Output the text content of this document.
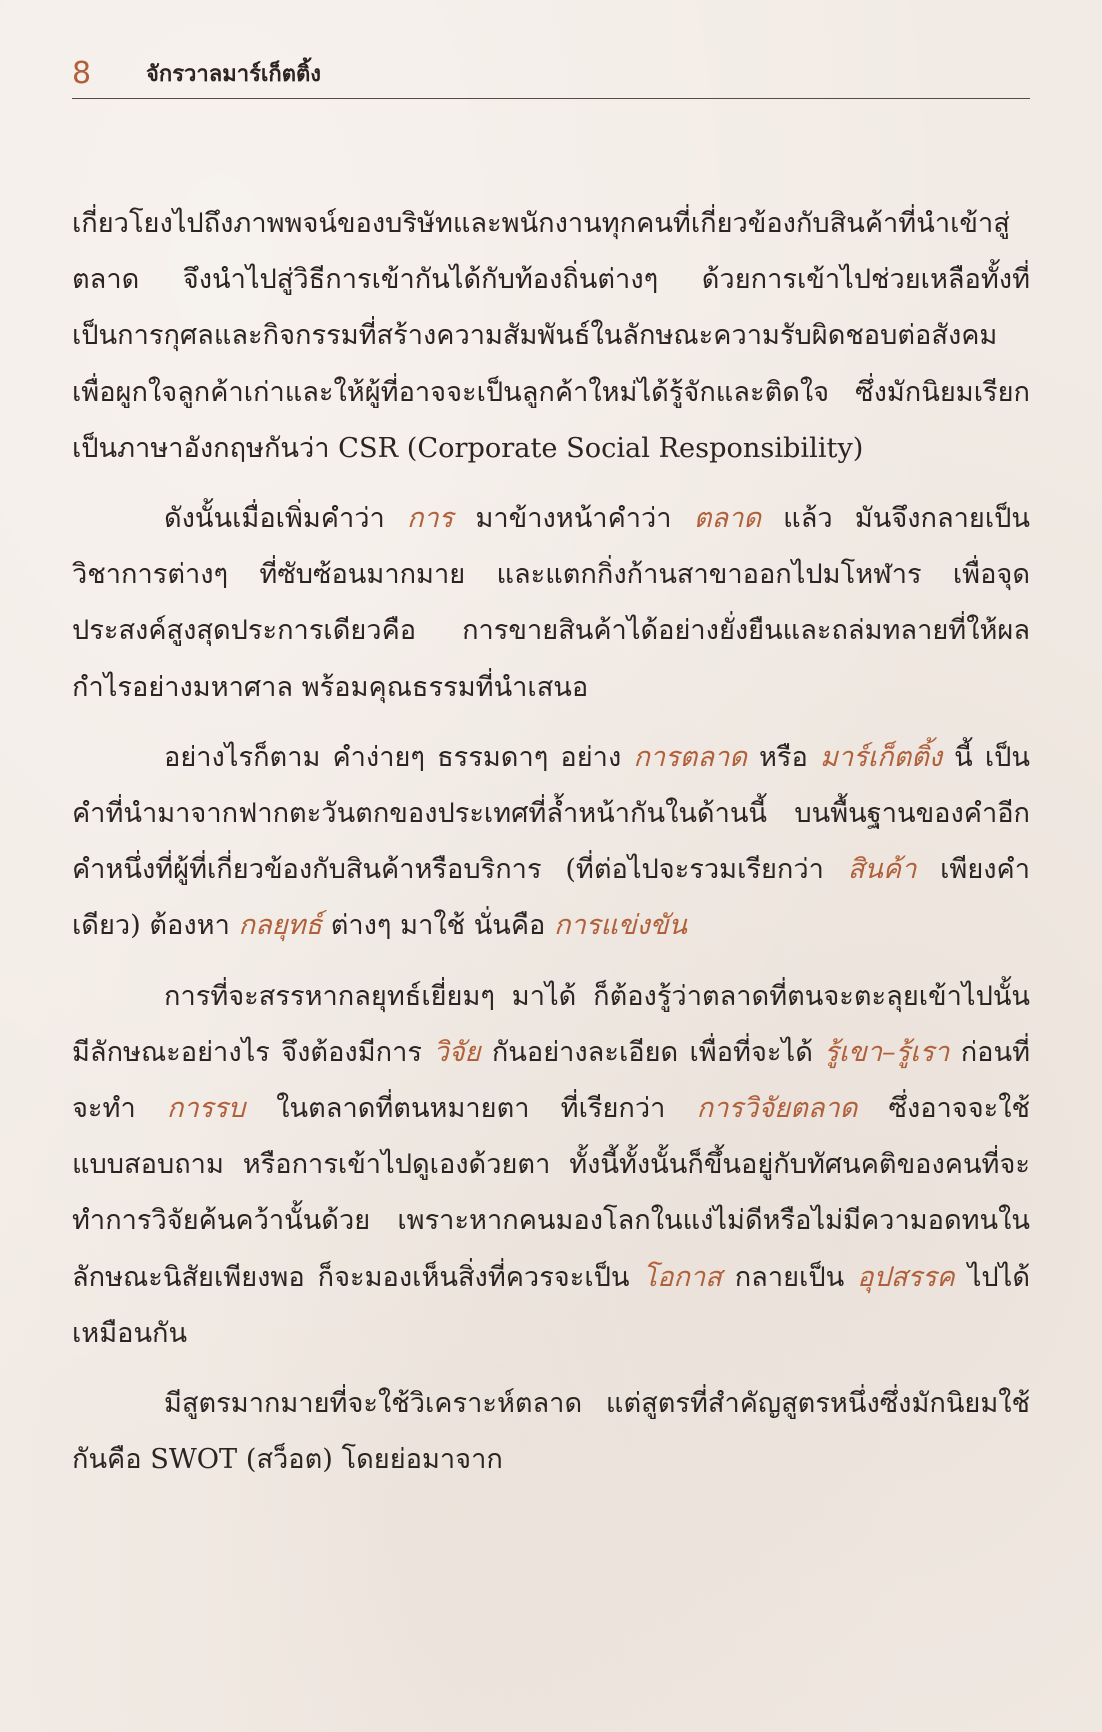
8 จักรวาลมาร์เก็ตติ้ง

เกี่ยวโยงไปถึงภาพพจน์ของบริษัทและพนักงานทุกคนที่เกี่ยวข้องกับสินค้าที่นำเข้าสู่ตลาด จึงนำไปสู่วิธีการเข้ากันได้กับท้องถิ่นต่างๆ ด้วยการเข้าไปช่วยเหลือทั้งที่เป็นการกุศลและกิจกรรมที่สร้างความสัมพันธ์ในลักษณะความรับผิดชอบต่อสังคม เพื่อผูกใจลูกค้าเก่าและให้ผู้ที่อาจจะเป็นลูกค้าใหม่ได้รู้จักและติดใจ ซึ่งมักนิยมเรียกเป็นภาษาอังกฤษกันว่า CSR (Corporate Social Responsibility)

ดังนั้นเมื่อเพิ่มคำว่า การ มาข้างหน้าคำว่า ตลาด แล้ว มันจึงกลายเป็นวิชาการต่างๆ ที่ซับซ้อนมากมาย และแตกกิ่งก้านสาขาออกไปมโหฬาร เพื่อจุดประสงค์สูงสุดประการเดียวคือ การขายสินค้าได้อย่างยั่งยืนและถล่มทลายที่ให้ผลกำไรอย่างมหาศาล พร้อมคุณธรรมที่นำเสนอ

อย่างไรก็ตาม คำง่ายๆ ธรรมดาๆ อย่าง การตลาด หรือ มาร์เก็ตติ้ง นี้ เป็นคำที่นำมาจากฟากตะวันตกของประเทศที่ล้ำหน้ากันในด้านนี้ บนพื้นฐานของคำอีกคำหนึ่งที่ผู้ที่เกี่ยวข้องกับสินค้าหรือบริการ (ที่ต่อไปจะรวมเรียกว่า สินค้า เพียงคำเดียว) ต้องหา กลยุทธ์ ต่างๆ มาใช้ นั่นคือ การแข่งขัน

การที่จะสรรหากลยุทธ์เยี่ยมๆ มาได้ ก็ต้องรู้ว่าตลาดที่ตนจะตะลุยเข้าไปนั้นมีลักษณะอย่างไร จึงต้องมีการ วิจัย กันอย่างละเอียด เพื่อที่จะได้ รู้เขา–รู้เรา ก่อนที่จะทำ การรบ ในตลาดที่ตนหมายตา ที่เรียกว่า การวิจัยตลาด ซึ่งอาจจะใช้แบบสอบถาม หรือการเข้าไปดูเองด้วยตา ทั้งนี้ทั้งนั้นก็ขึ้นอยู่กับทัศนคติของคนที่จะทำการวิจัยค้นคว้านั้นด้วย เพราะหากคนมองโลกในแง่ไม่ดีหรือไม่มีความอดทนในลักษณะนิสัยเพียงพอ ก็จะมองเห็นสิ่งที่ควรจะเป็น โอกาส กลายเป็น อุปสรรค ไปได้เหมือนกัน

มีสูตรมากมายที่จะใช้วิเคราะห์ตลาด แต่สูตรที่สำคัญสูตรหนึ่งซึ่งมักนิยมใช้กันคือ SWOT (สว็อต) โดยย่อมาจาก
